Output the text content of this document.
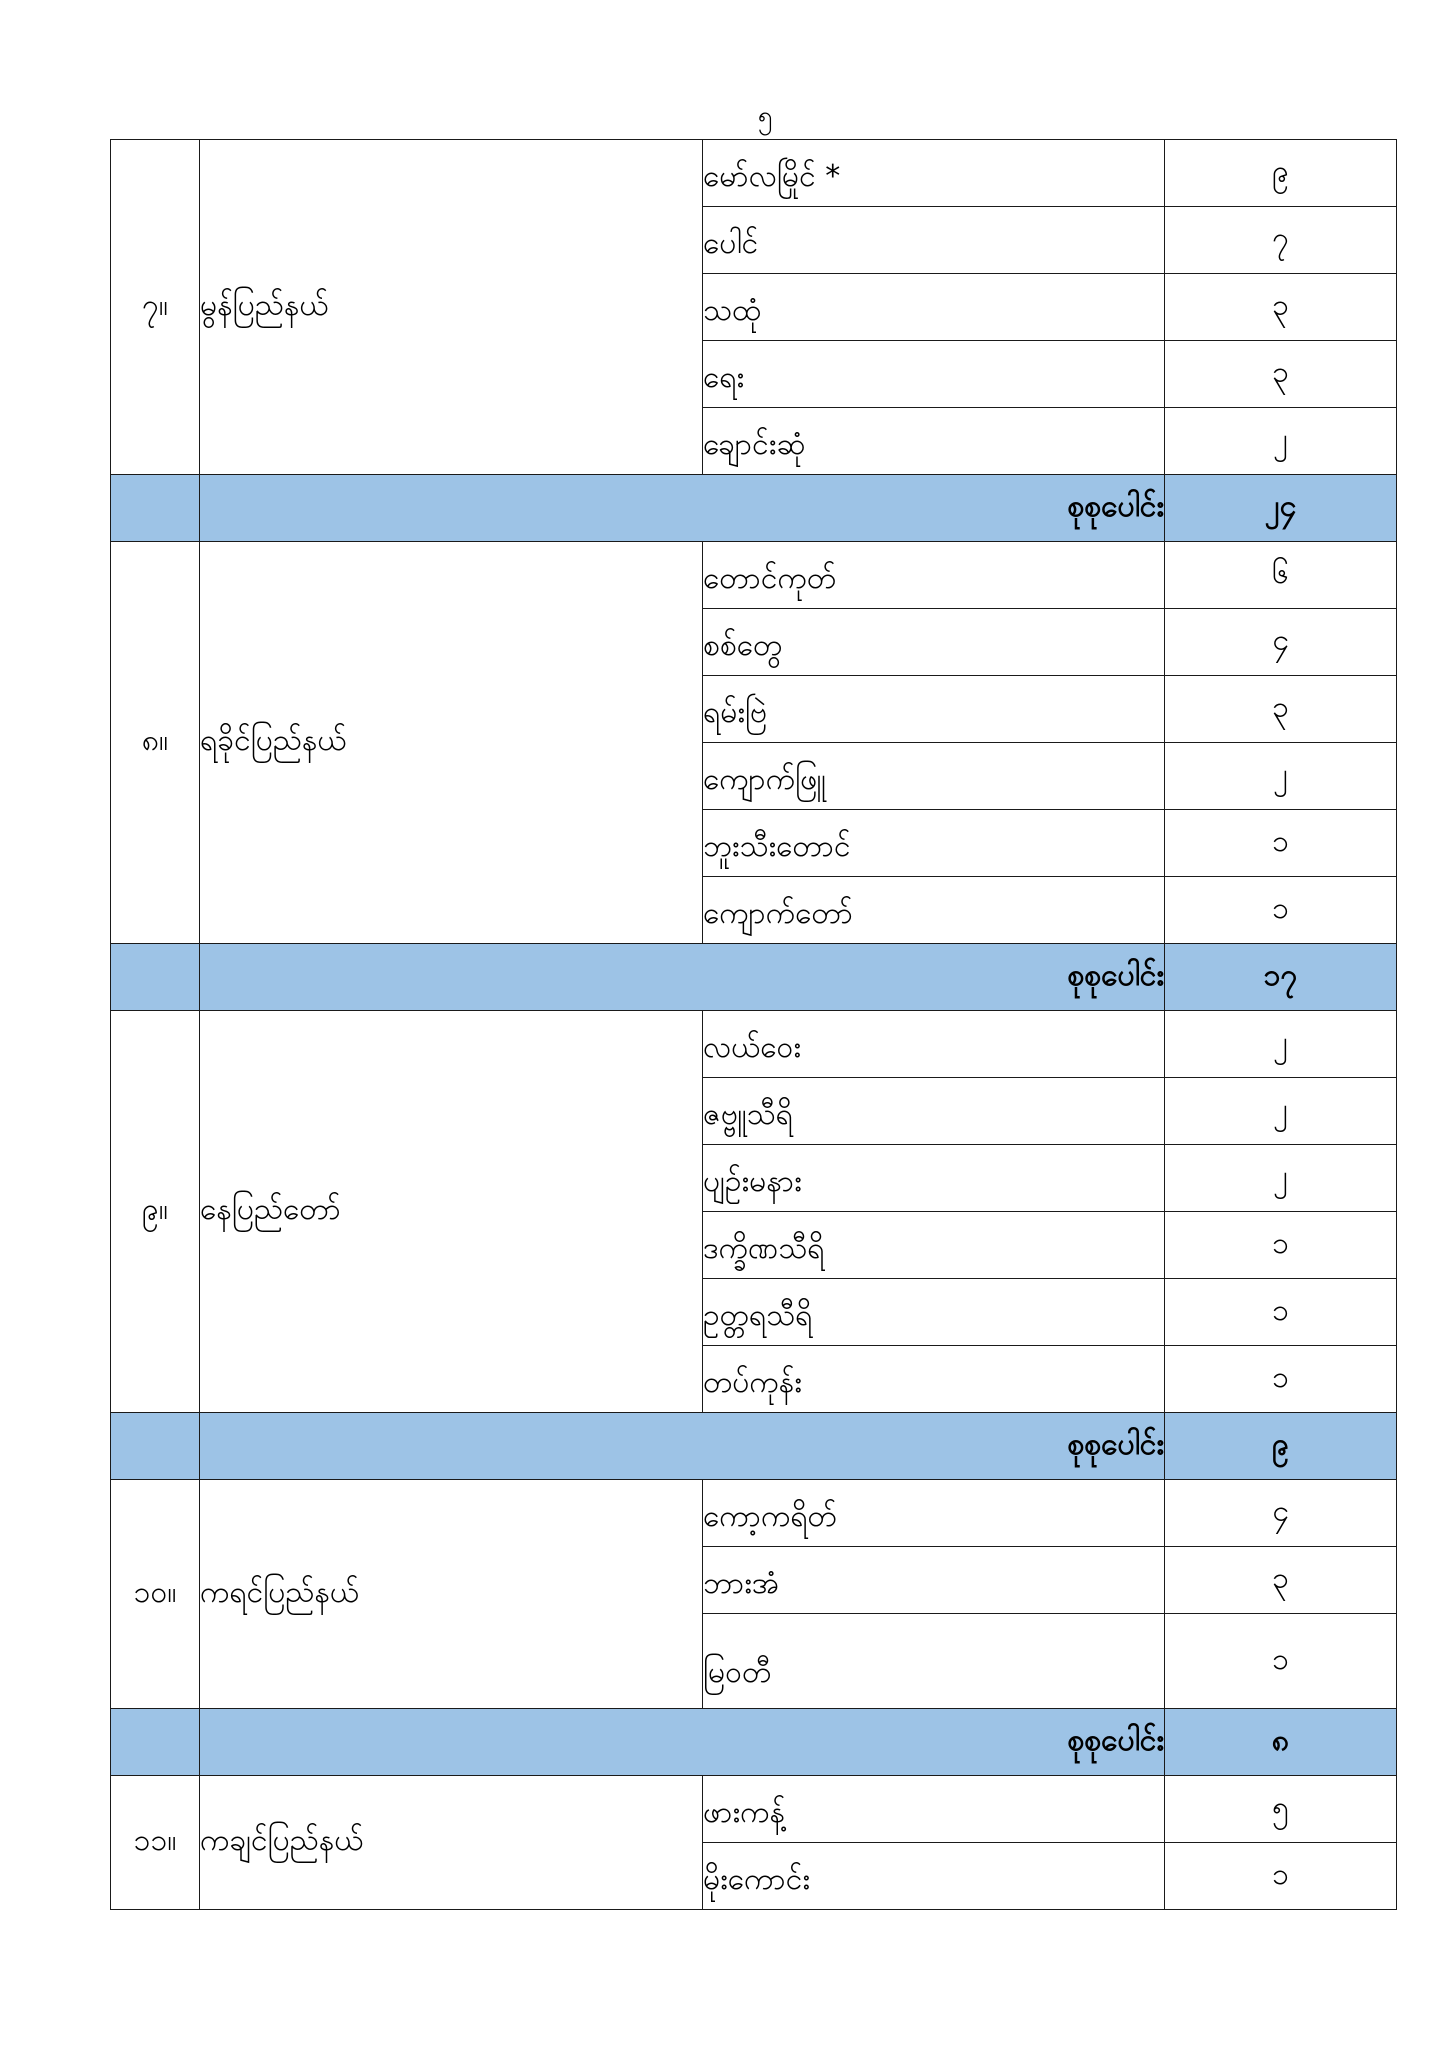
၅
၇။	မွန်ပြည်နယ်	မော်လမြိုင် *	၉

		ပေါင်	၇

		သထုံ	၃

		ရေး	၃

		ချောင်းဆုံ	၂
	စုစုပေါင်း		၂၄
၈။	ရခိုင်ပြည်နယ်	တောင်ကုတ်	၆

		စစ်တွေ	၄

		ရမ်းဗြဲ	၃

		ကျောက်ဖြူ	၂

		ဘူးသီးတောင်	၁

		ကျောက်တော်	၁
	စုစုပေါင်း		၁၇
၉။	နေပြည်တော်	လယ်ဝေး	၂

		ဇဗ္ဗူသီရိ	၂

		ပျဉ်းမနား	၂

		ဒက္ခိဏသီရိ	၁

		ဥတ္တရသီရိ	၁

		တပ်ကုန်း	၁
	စုစုပေါင်း		၉
၁၀။	ကရင်ပြည်နယ်	ကော့ကရိတ်	၄

		ဘားအံ	၃

		မြဝတီ	၁
	စုစုပေါင်း		၈
၁၁။	ကချင်ပြည်နယ်	ဖားကန့်	၅

		မိုးကောင်း	၁
